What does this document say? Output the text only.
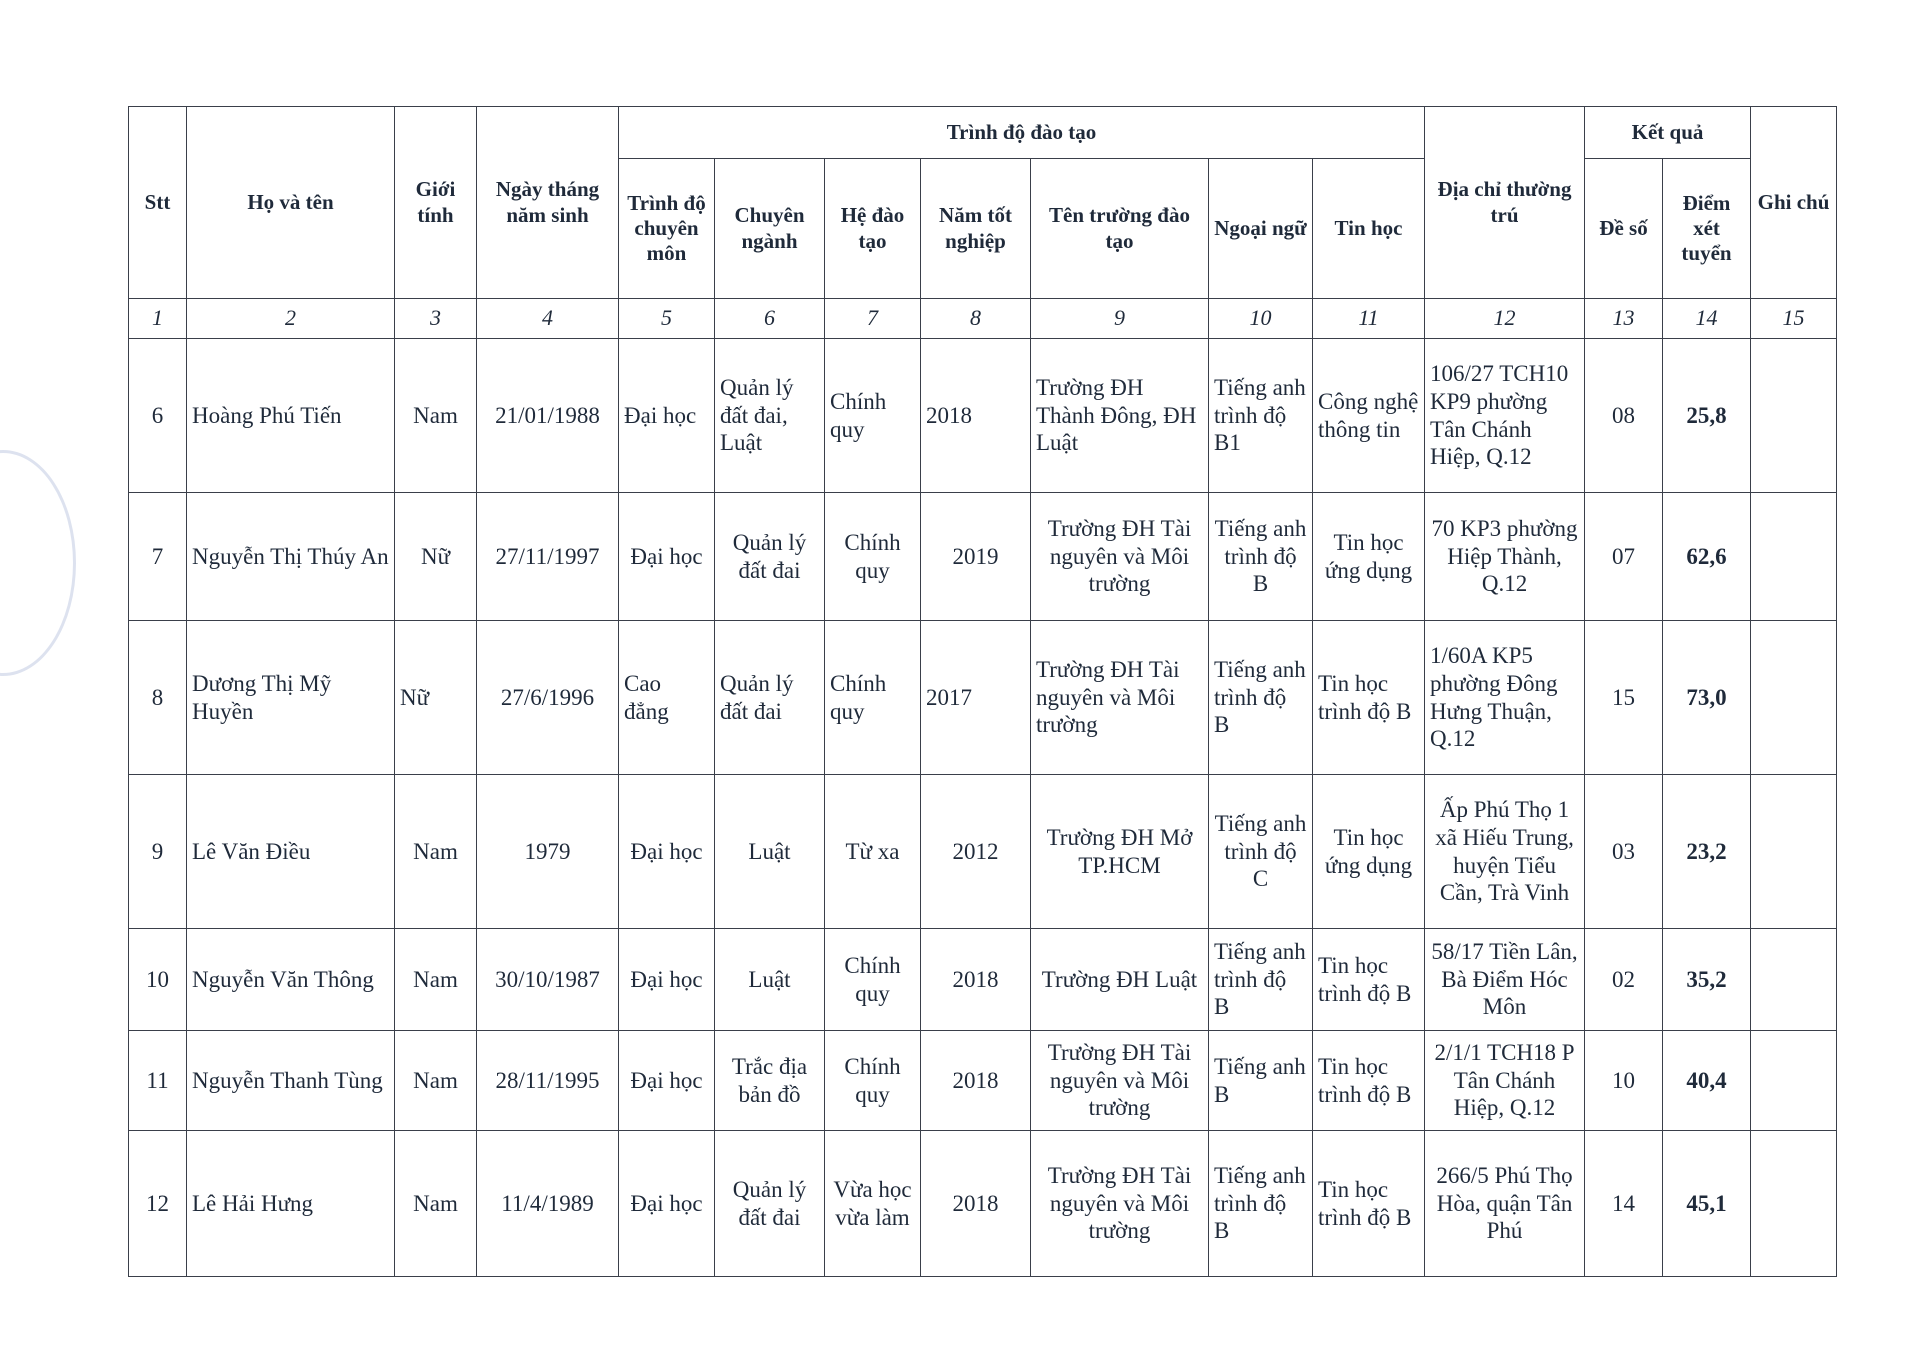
Stt	Họ và tên	Giới tính	Ngày tháng năm sinh	Trình độ đào tạo							Địa chỉ thường trú	Kết quả		Ghi chú
				Trình độ chuyên môn	Chuyên ngành	Hệ đào tạo	Năm tốt nghiệp	Tên trường đào tạo	Ngoại ngữ	Tin học		Đề số	Điểm xét tuyển	
1	2	3	4	5	6	7	8	9	10	11	12	13	14	15
6	Hoàng Phú Tiến	Nam	21/01/1988	Đại học	Quản lý đất đai, Luật	Chính quy	2018	Trường ĐH Thành Đông, ĐH Luật	Tiếng anh trình độ B1	Công nghệ thông tin	106/27 TCH10 KP9 phường Tân Chánh Hiệp, Q.12	08	25,8	
7	Nguyễn Thị Thúy An	Nữ	27/11/1997	Đại học	Quản lý đất đai	Chính quy	2019	Trường ĐH Tài nguyên và Môi trường	Tiếng anh trình độ B	Tin học ứng dụng	70 KP3 phường Hiệp Thành, Q.12	07	62,6	
8	Dương Thị Mỹ Huyền	Nữ	27/6/1996	Cao đẳng	Quản lý đất đai	Chính quy	2017	Trường ĐH Tài nguyên và Môi trường	Tiếng anh trình độ B	Tin học trình độ B	1/60A KP5 phường Đông Hưng Thuận, Q.12	15	73,0	
9	Lê Văn Điều	Nam	1979	Đại học	Luật	Từ xa	2012	Trường ĐH Mở TP.HCM	Tiếng anh trình độ C	Tin học ứng dụng	Ấp Phú Thọ 1 xã Hiếu Trung, huyện Tiểu Cần, Trà Vinh	03	23,2	
10	Nguyễn Văn Thông	Nam	30/10/1987	Đại học	Luật	Chính quy	2018	Trường ĐH Luật	Tiếng anh trình độ B	Tin học trình độ B	58/17 Tiền Lân, Bà Điểm Hóc Môn	02	35,2	
11	Nguyễn Thanh Tùng	Nam	28/11/1995	Đại học	Trắc địa bản đồ	Chính quy	2018	Trường ĐH Tài nguyên và Môi trường	Tiếng anh B	Tin học trình độ B	2/1/1 TCH18 P Tân Chánh Hiệp, Q.12	10	40,4	
12	Lê Hải Hưng	Nam	11/4/1989	Đại học	Quản lý đất đai	Vừa học vừa làm	2018	Trường ĐH Tài nguyên và Môi trường	Tiếng anh trình độ B	Tin học trình độ B	266/5 Phú Thọ Hòa, quận Tân Phú	14	45,1	
